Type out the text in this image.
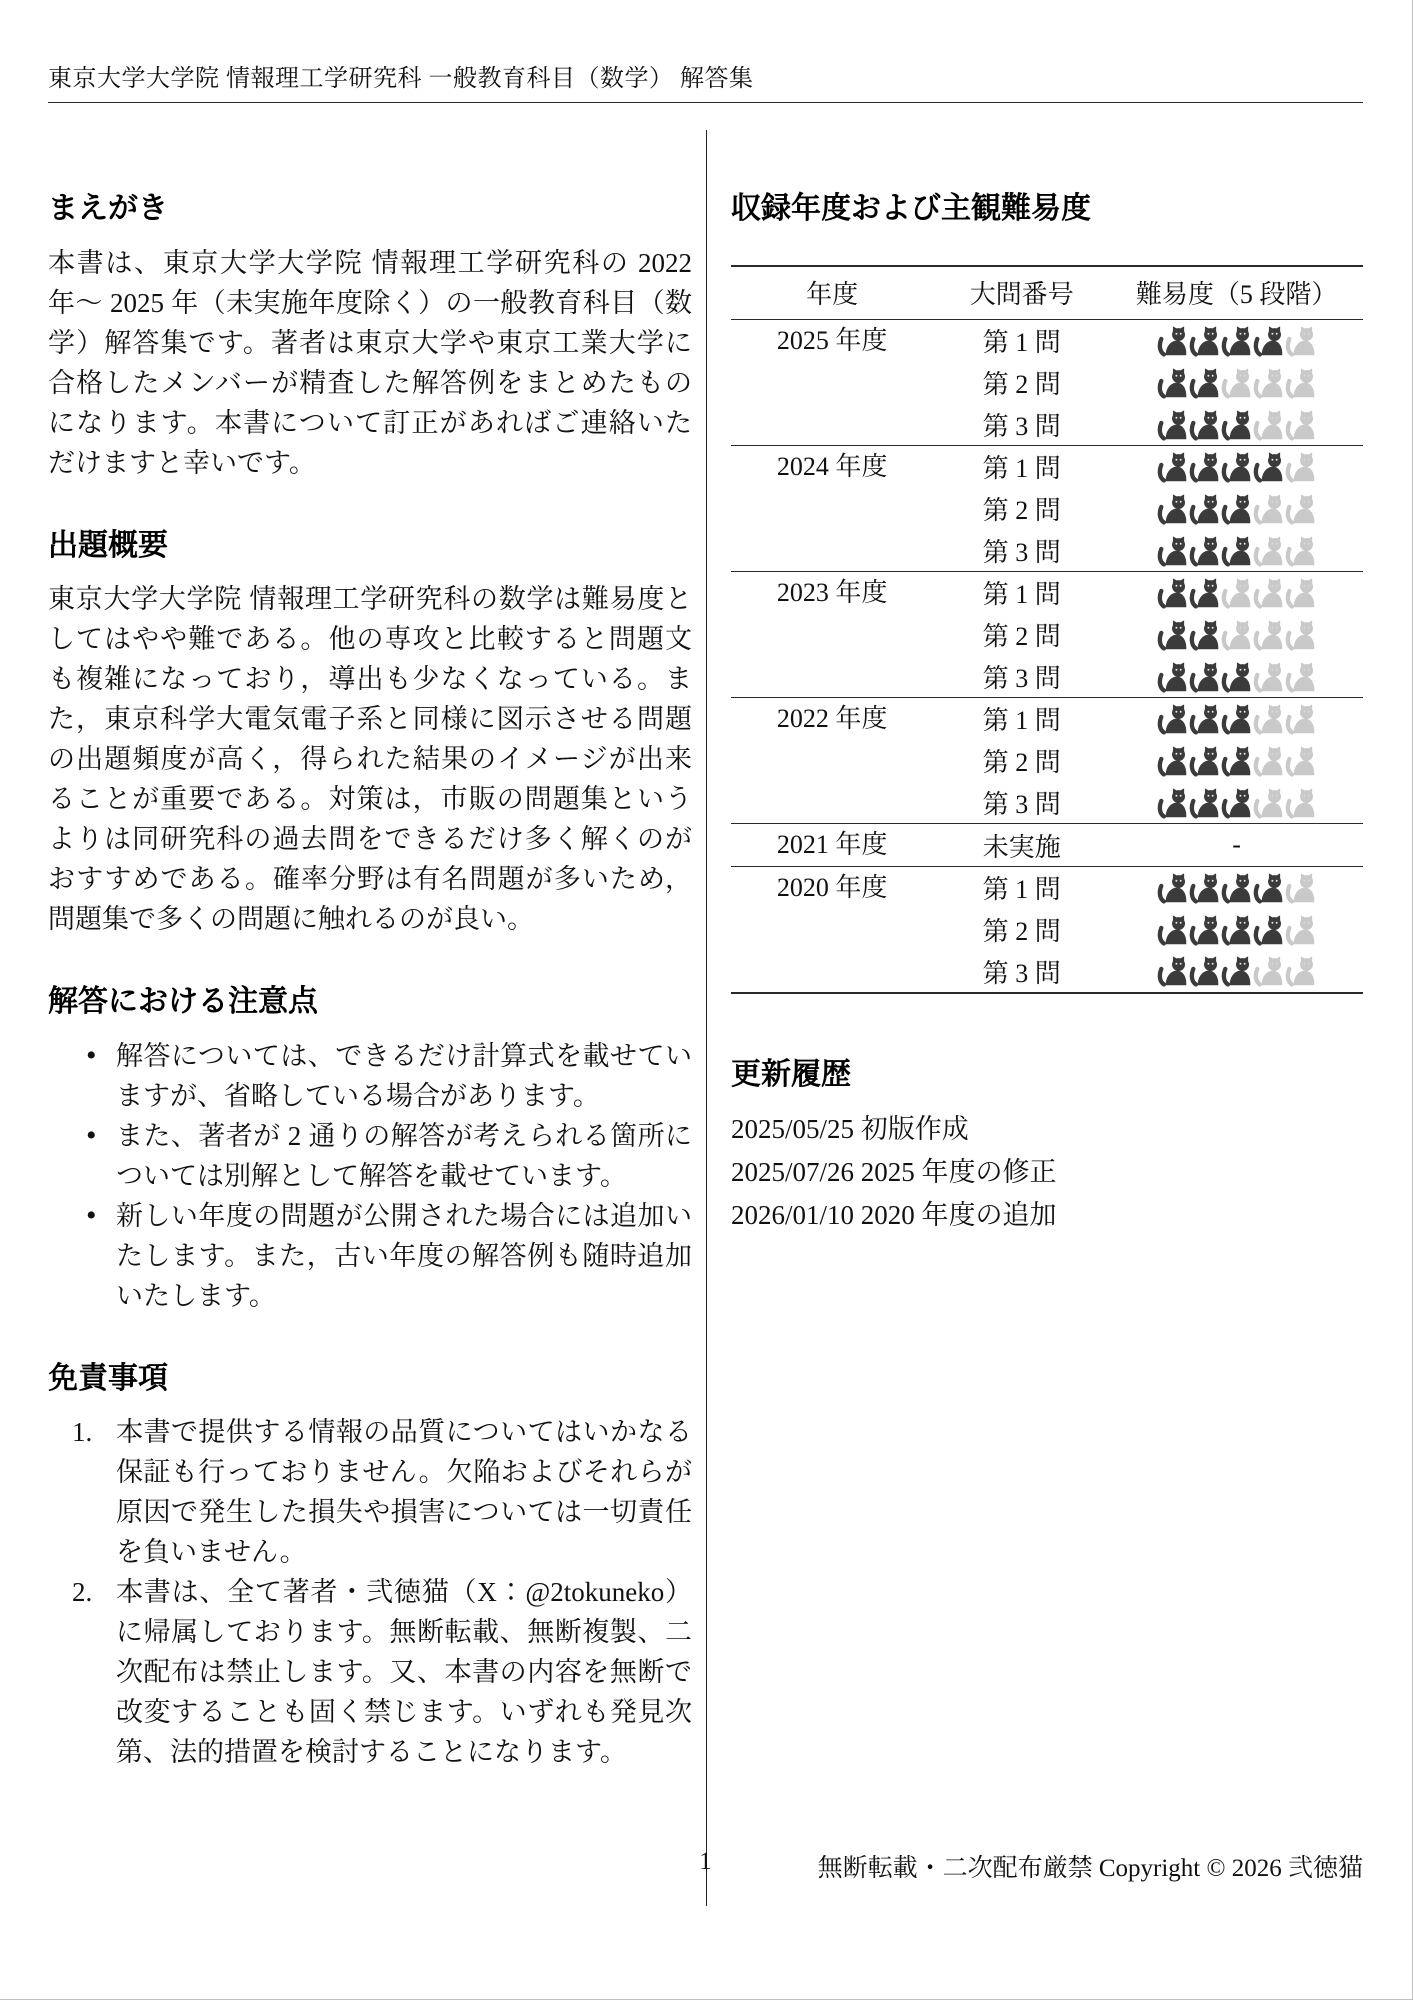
東京大学大学院 情報理工学研究科 一般教育科目（数学） 解答集
まえがき

本書は、東京大学大学院 情報理工学研究科の 2022 年〜 2025 年（未実施年度除く）の一般教育科目（数学）解答集です。著者は東京大学や東京工業大学に合格したメンバーが精査した解答例をまとめたものになります。本書について訂正があればご連絡いただけますと幸いです。

出題概要

東京大学大学院 情報理工学研究科の数学は難易度としてはやや難である。他の専攻と比較すると問題文も複雑になっており，導出も少なくなっている。また，東京科学大電気電子系と同様に図示させる問題の出題頻度が高く，得られた結果のイメージが出来ることが重要である。対策は，市販の問題集というよりは同研究科の過去問をできるだけ多く解くのがおすすめである。確率分野は有名問題が多いため，問題集で多くの問題に触れるのが良い。

解答における注意点
• 解答については、できるだけ計算式を載せていますが、省略している場合があります。
• また、著者が 2 通りの解答が考えられる箇所については別解として解答を載せています。
• 新しい年度の問題が公開された場合には追加いたします。また，古い年度の解答例も随時追加いたします。
免責事項
本書で提供する情報の品質についてはいかなる保証も行っておりません。欠陥およびそれらが原因で発生した損失や損害については一切責任を負いません。
本書は、全て著者・弐徳猫（X：@2tokuneko）に帰属しております。無断転載、無断複製、二次配布は禁止します。又、本書の内容を無断で改変することも固く禁じます。いずれも発見次第、法的措置を検討することになります。
収録年度および主観難易度
年度	大問番号	難易度（5 段階）
2025 年度	第 1 問	

	第 2 問	

	第 3 問	

2024 年度	第 1 問	

	第 2 問	

	第 3 問	

2023 年度	第 1 問	

	第 2 問	

	第 3 問	

2022 年度	第 1 問	

	第 2 問	

	第 3 問	

2021 年度	未実施	-
2020 年度	第 1 問	

	第 2 問	

	第 3 問	
更新履歴
2025/05/25 初版作成
2025/07/26 2025 年度の修正
2026/01/10 2020 年度の追加
1	無断転載・二次配布厳禁 Copyright © 2026 弐徳猫
